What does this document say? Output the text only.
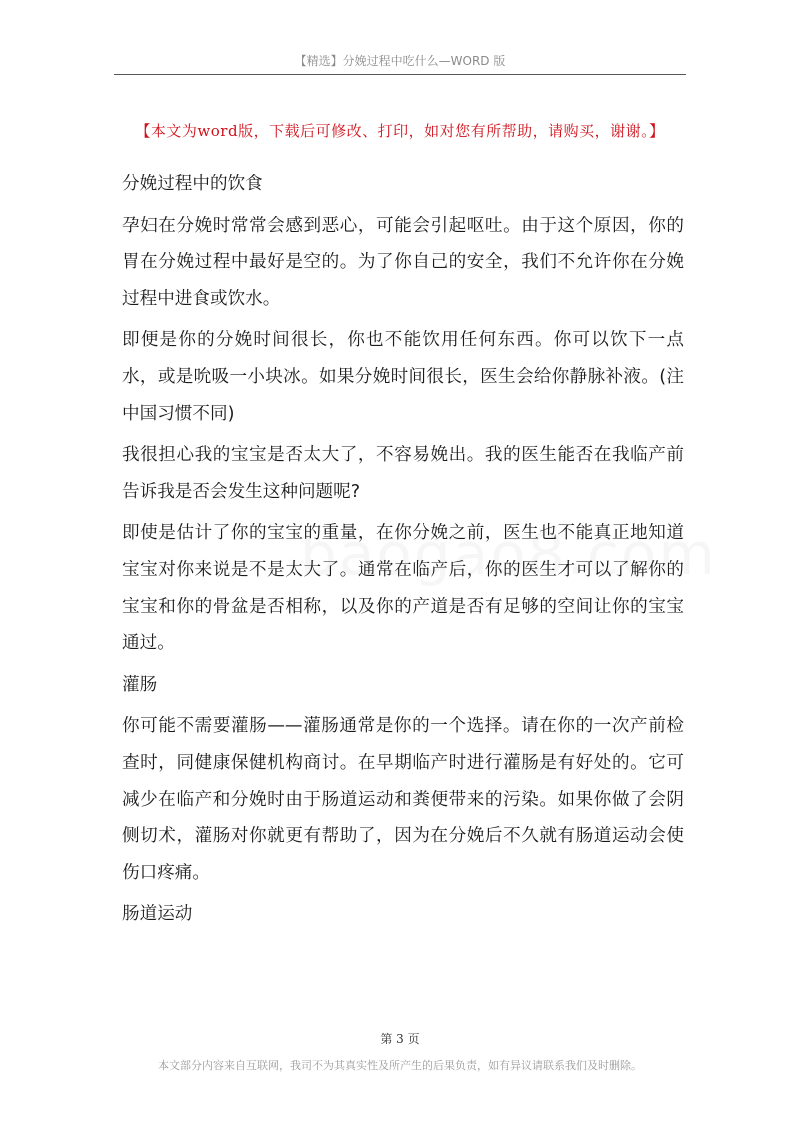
【精选】分娩过程中吃什么—WORD 版
【本文为word版，下载后可修改、打印，如对您有所帮助，请购买，谢谢。】

分娩过程中的饮食

孕妇在分娩时常常会感到恶心，可能会引起呕吐。由于这个原因，你的胃在分娩过程中最好是空的。为了你自己的安全，我们不允许你在分娩过程中进食或饮水。

即便是你的分娩时间很长，你也不能饮用任何东西。你可以饮下一点水，或是吮吸一小块冰。如果分娩时间很长，医生会给你静脉补液。(注中国习惯不同)

我很担心我的宝宝是否太大了，不容易娩出。我的医生能否在我临产前告诉我是否会发生这种问题呢?

即使是估计了你的宝宝的重量，在你分娩之前，医生也不能真正地知道宝宝对你来说是不是太大了。通常在临产后，你的医生才可以了解你的宝宝和你的骨盆是否相称，以及你的产道是否有足够的空间让你的宝宝通过。

灌肠

你可能不需要灌肠——灌肠通常是你的一个选择。请在你的一次产前检查时，同健康保健机构商讨。在早期临产时进行灌肠是有好处的。它可减少在临产和分娩时由于肠道运动和粪便带来的污染。如果你做了会阴侧切术，灌肠对你就更有帮助了，因为在分娩后不久就有肠道运动会使伤口疼痛。

肠道运动

第 3 页
本文部分内容来自互联网，我司不为其真实性及所产生的后果负责，如有异议请联系我们及时删除。
